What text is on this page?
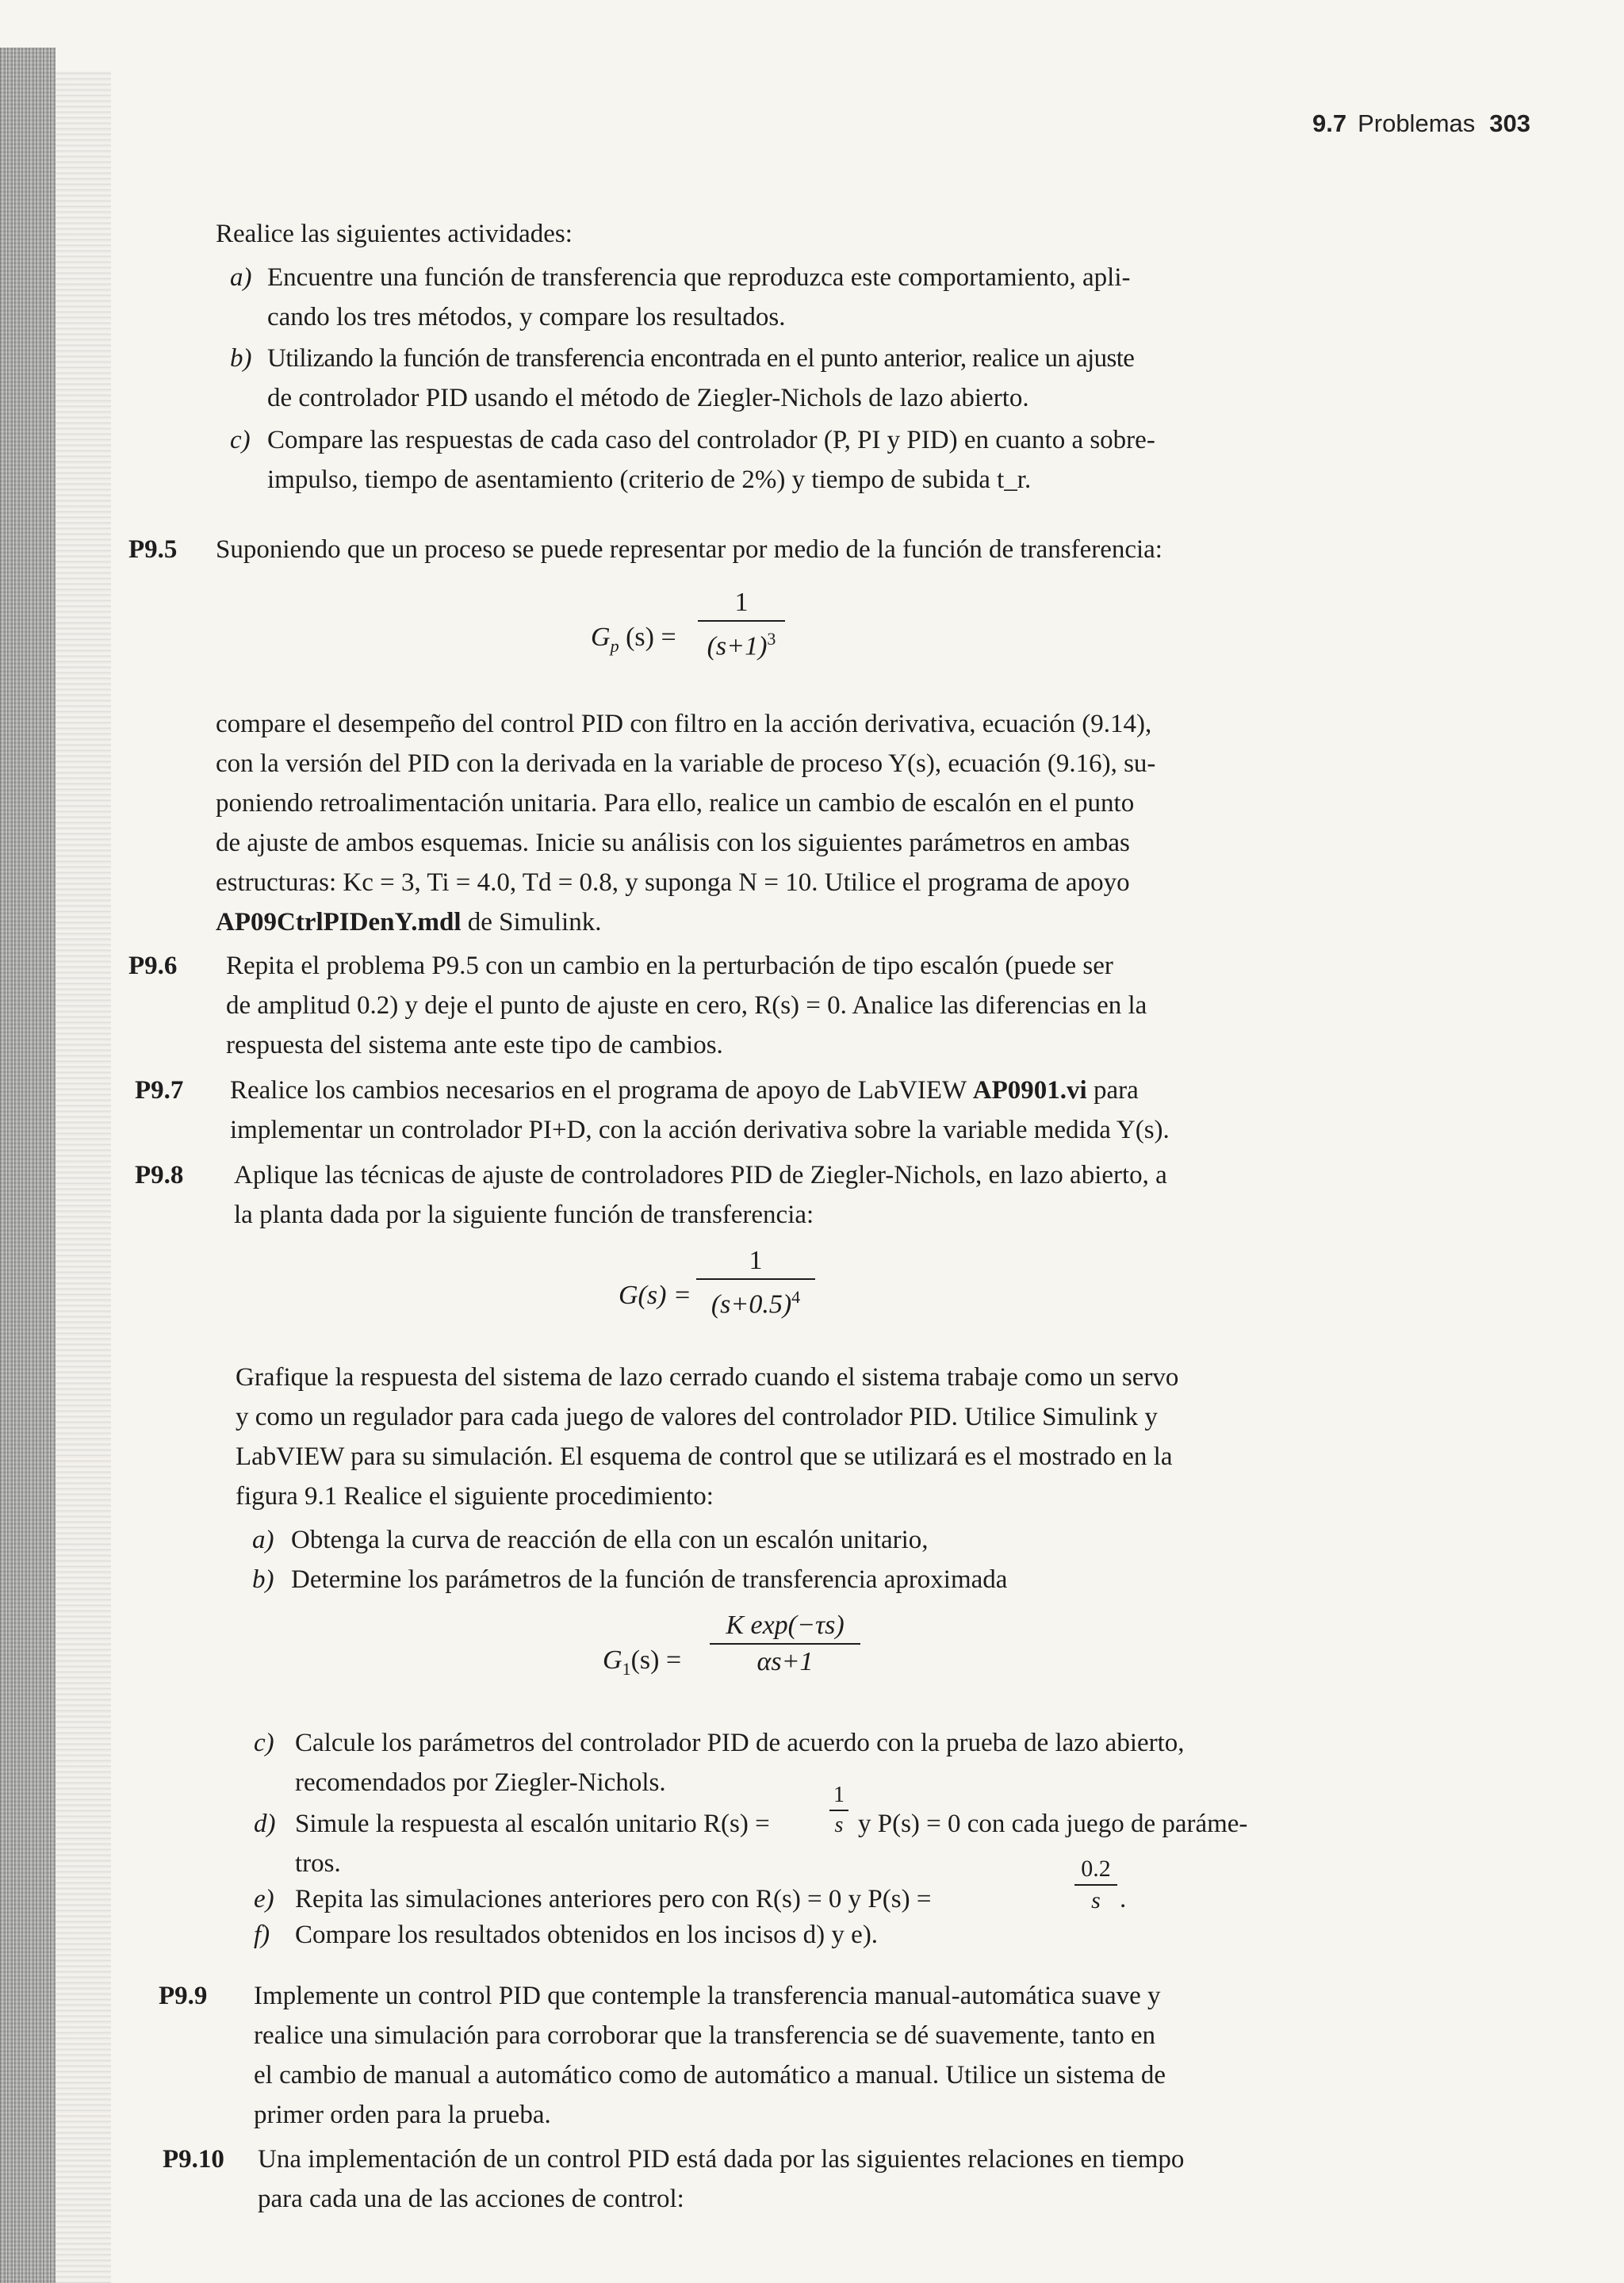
9.7 Problemas 303
Realice las siguientes actividades:
a) Encuentre una función de transferencia que reproduzca este comportamiento, apli-
cando los tres métodos, y compare los resultados.
b) Utilizando la función de transferencia encontrada en el punto anterior, realice un ajuste
de controlador PID usando el método de Ziegler-Nichols de lazo abierto.
c) Compare las respuestas de cada caso del controlador (P, PI y PID) en cuanto a sobre-
impulso, tiempo de asentamiento (criterio de 2%) y tiempo de subida t_r.
P9.5 Suponiendo que un proceso se puede representar por medio de la función de transferencia:
$G_p$ (s) =
1
$(s+1)^3$
compare el desempeño del control PID con filtro en la acción derivativa, ecuación (9.14),
con la versión del PID con la derivada en la variable de proceso Y(s), ecuación (9.16), su-
poniendo retroalimentación unitaria. Para ello, realice un cambio de escalón en el punto
de ajuste de ambos esquemas. Inicie su análisis con los siguientes parámetros en ambas
estructuras: Kc = 3, Ti = 4.0, Td = 0.8, y suponga N = 10. Utilice el programa de apoyo
AP09CtrlPIDenY.mdl de Simulink.
P9.6 Repita el problema P9.5 con un cambio en la perturbación de tipo escalón (puede ser
de amplitud 0.2) y deje el punto de ajuste en cero, R(s) = 0. Analice las diferencias en la
respuesta del sistema ante este tipo de cambios.
P9.7 Realice los cambios necesarios en el programa de apoyo de LabVIEW AP0901.vi para
implementar un controlador PI+D, con la acción derivativa sobre la variable medida Y(s).
P9.8 Aplique las técnicas de ajuste de controladores PID de Ziegler-Nichols, en lazo abierto, a
la planta dada por la siguiente función de transferencia:
G(s) =
1
$(s+0.5)^4$
Grafique la respuesta del sistema de lazo cerrado cuando el sistema trabaje como un servo
y como un regulador para cada juego de valores del controlador PID. Utilice Simulink y
LabVIEW para su simulación. El esquema de control que se utilizará es el mostrado en la
figura 9.1 Realice el siguiente procedimiento:
a) Obtenga la curva de reacción de ella con un escalón unitario,
b) Determine los parámetros de la función de transferencia aproximada
$G_1(s)$ =
K exp(−τs)
αs+1
c) Calcule los parámetros del controlador PID de acuerdo con la prueba de lazo abierto,
recomendados por Ziegler-Nichols.
d) Simule la respuesta al escalón unitario R(s) =
1
s y P(s) = 0 con cada juego de paráme-
tros.
e) Repita las simulaciones anteriores pero con R(s) = 0 y P(s) =
0.2
s .
f) Compare los resultados obtenidos en los incisos d) y e).
P9.9 Implemente un control PID que contemple la transferencia manual-automática suave y
realice una simulación para corroborar que la transferencia se dé suavemente, tanto en
el cambio de manual a automático como de automático a manual. Utilice un sistema de
primer orden para la prueba.
P9.10 Una implementación de un control PID está dada por las siguientes relaciones en tiempo
para cada una de las acciones de control:
